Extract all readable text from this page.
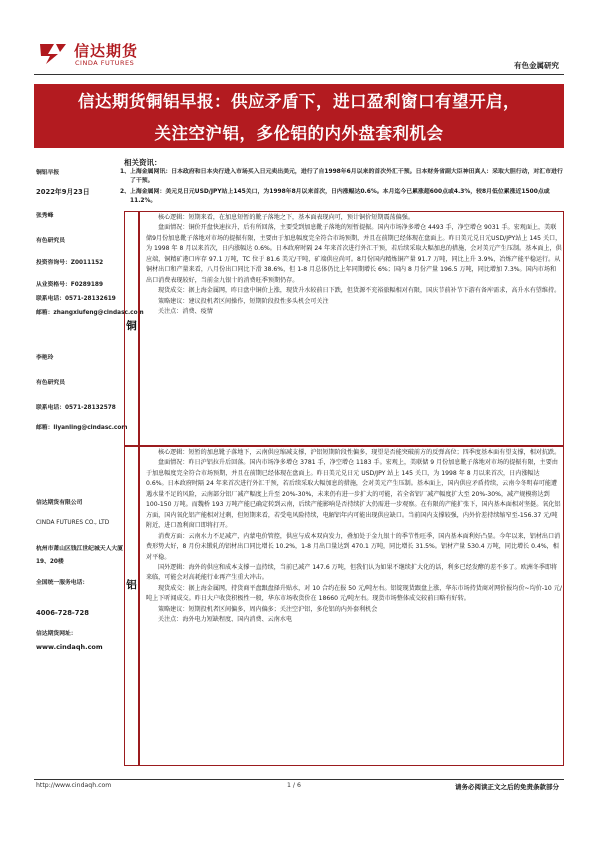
信达期货
CINDA FUTURES	有色金属研究
信达期货铜铝早报：供应矛盾下，进口盈利窗口有望开启，
关注空沪铝，多伦铝的内外盘套利机会
铜铝早报
2022年9月23日
张秀峰
有色研究员
投资咨询号：Z0011152
从业资格号：F0289189
联系电话：0571-28132619
邮箱：zhangxiufeng@cindasc.com
李艳玲
有色研究员
联系电话：0571-28132578
邮箱：liyanling@cindasc.com
信达期货有限公司
CINDA FUTURES CO., LTD
杭州市萧山区钱江世纪城天人大厦
19、20楼
全国统一服务电话：
4006-728-728
信达期货网址：
www.cindaqh.com
相关资讯：
1、 上海金属网讯：日本政府和日本央行进入市场买入日元卖出美元，进行了自1998年6月以来的首次外汇干预。日本财务省副大臣神田真人：采取大胆行动，对汇市进行了干预。
2、 上海金属网：美元兑日元USD/JPY站上145关口，为1998年8月以来首次，日内涨幅达0.6%。本月迄今已累涨超600点或4.3%，较8月低位累涨近1500点或11.2%。
铜

核心逻辑：短期来看，在加息短暂的靴子落地之下，基本面表现向可，预计铜价短期震荡偏强。

盘面情况：铜价开盘快速拉升，后有所回落，主要受到加息靴子落地的短暂提振。国内市场净多增仓 4493 手，净空增仓 9031 手。宏观面上，美联储9月份加息靴子落地对市场的提振有限，主要由于加息幅度完全符合市场预期，并且在前期已经体现在盘面上。昨日美元兑日元USD/JPY站上 145 关口，为 1998 年 8 月以来首次，日内涨幅达 0.6%。日本政府时隔 24 年来首次进行外汇干预，若后续采取大幅加息的措施，会对美元产生压制。基本面上，供应端，铜精矿港口库存 97.1 万吨，TC 位于 81.6 美元/干吨，矿端供应尚可。8月份国内精炼铜产量 91.7 万吨，同比上升 3.9%，冶炼产能平稳运行。从铜材出口和产量来看，八月份出口同比下滑 38.6%，但 1-8 月总体仍比上年同期增长 6%；国内 8 月份产量 196.5 万吨，同比增加 7.3%。国内市场和出口消费表现较好，当前金九银十的消费旺季预期仍存。

现货成交：据上海金属网，昨日盘中铜价上涨，现货升水较前日下跌，但货源不充裕旅幅相对有限，国庆节前补节下游有备库需求，高升水有望维持。

策略建议：建议投机者区间操作，短期阶段投性多头机会可关注

关注点：消费、疫情

铝

核心逻辑：短暂的加息靴子落地下，云南供应缩减支撑，沪铝短期阶段性偏多，现望是否能突破前方的反弹高位；四季度基本面有望支撑，相对抗跌。

盘面情况：昨日沪铝拉升后回落。国内市场净多增仓 3781 手，净空增仓 1183 手。宏观上，美联储 9 月份加息靴子落地对市场的提振有限，主要由于加息幅度完全符合市场预期，并且在前期已经体现在盘面上。昨日美元兑日元 USD/JPY 站上 145 关口，为 1998 年 8 月以来首次，日内涨幅达 0.6%。日本政府时隔 24 年来首次进行外汇干预，若后续采取大幅加息的措施，会对美元产生压制。基本面上，国内供应矛盾持续，云南今冬明春可能遭遇水量不足的风险，云南部分铝厂减产幅度上升至 20%-30%，未来仍有进一步扩大的可能，若全省铝厂减产幅度扩大至 20%-30%，减产规模将达到 100-150 万吨。而魏桥 193 万吨产能已确定转到云南，后续产能影响是否持续扩大仍需进一步观察。在有限的产能扩张下，国内基本面相对坚挺。氧化铝方面，国内氧化铝产能相对过剩，但短期来看，若受电风险持续，电解铝年内可能出现供应缺口。当前国内支撑较强，内外价差持续缩窄至-156.37 元/吨附近，进口盈利窗口即将打开。

消费方面：云南水力不足减产，内蒙电价管控，供应与成本双向发力，叠加处于金九银十的季节性旺季，国内基本面利好凸显。今年以来，铝材出口消费形势大好，8 月份未锻轧的铝材出口同比增长 10.2%，1-8 月出口量达到 470.1 万吨，同比增长 31.5%。铝材产量 530.4 万吨，同比增长 0.4%，相对平稳。

国外逻辑：海外的供应和成本支撑一直持续，当前已减产 147.6 万吨，但我们认为如果不继续扩大化的话，利多已经发酵的差不多了。欧洲冬季即将来临，可能会对高耗能行业再产生重大冲击。

现货成交：据上海金属网，持货商平盘跟盘择升贴水，对 10 合约在报 50 元/吨左右。铝锭现货跟盘上涨，华东市场持货商对网价报均价~均价-10 元/吨上下听闻成交。昨日大户收货积极性一般，华东市场收货价在 18660 元/吨左右。现货市场整体成交较前日略有好转。

策略建议：短期投机者区间偏多，周内偏多；关注空沪铝，多伦铝的内外套利机会

关注点：海外电力短缺程度、国内消费、云南水电

http://www.cindaqh.com	1 / 6	请务必阅读正文之后的免责条款部分
